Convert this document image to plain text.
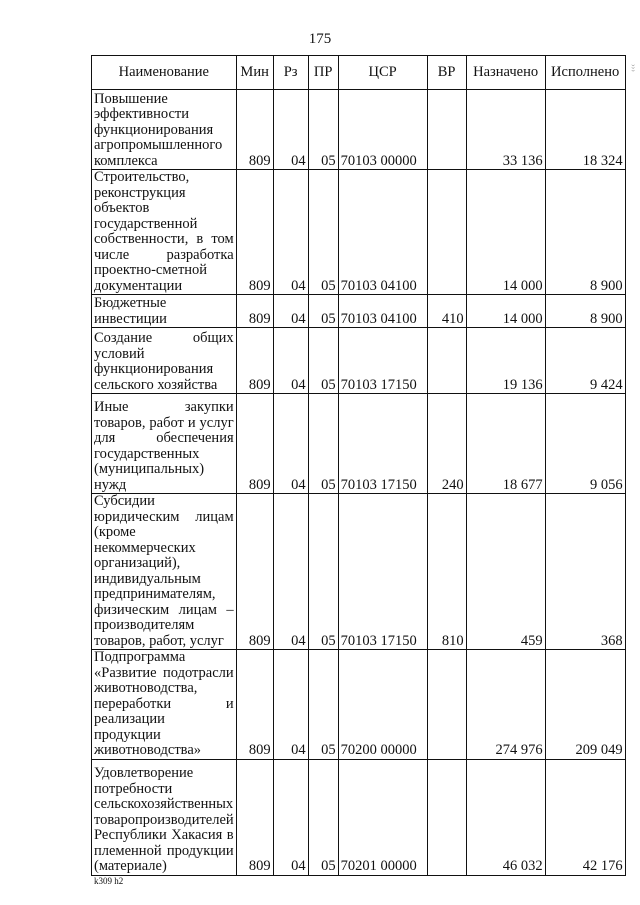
175
›››
Наименование	Мин	Рз	ПР	ЦСР	ВР	Назначено	Исполнено
Повышение эффективности функционирования агропромышленного комплекса	809	04	05	70103 00000		33 136	18 324
Строительство, реконструкция объектов государственной собственности, в том числе разработка проектно-сметной документации	809	04	05	70103 04100		14 000	8 900
Бюджетные инвестиции	809	04	05	70103 04100	410	14 000	8 900
Создание общих условий функционирования сельского хозяйства	809	04	05	70103 17150		19 136	9 424
Иные закупки товаров, работ и услуг для обеспечения государственных (муниципальных) нужд	809	04	05	70103 17150	240	18 677	9 056
Субсидии юридическим лицам (кроме некоммерческих организаций), индивидуальным предпринимателям, физическим лицам – производителям товаров, работ, услуг	809	04	05	70103 17150	810	459	368
Подпрограмма «Развитие подотрасли животноводства, переработки и реализации продукции животноводства»	809	04	05	70200 00000		274 976	209 049
Удовлетворение потребности сельскохозяйственных товаропроизводителей Республики Хакасия в племенной продукции (материале)	809	04	05	70201 00000		46 032	42 176
k309 h2
